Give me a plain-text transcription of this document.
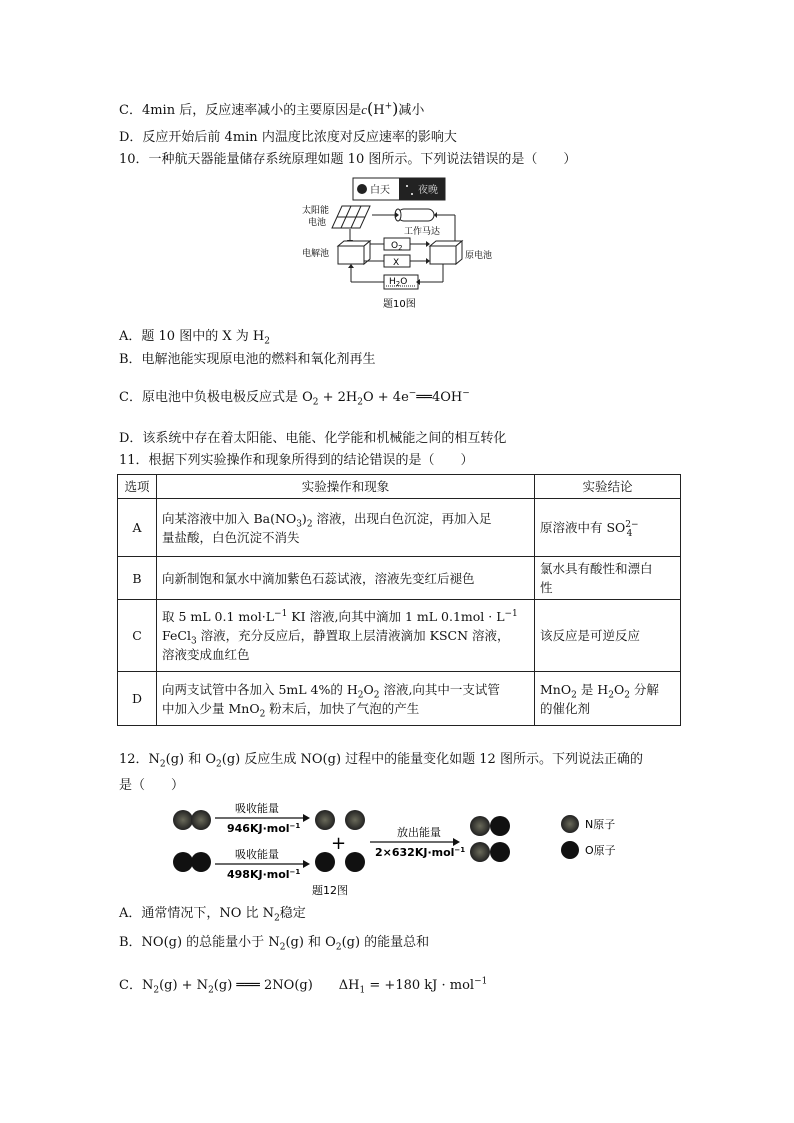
C．4min 后，反应速率减小的主要原因是c(H+)减小
D．反应开始后前 4min 内温度比浓度对反应速率的影响大
10．一种航天器能量储存系统原理如题 10 图所示。下列说法错误的是（　　）
白天	夜晚
太阳能
电池
工作马达
电解池
$O_2$
X
原电池
$H_2O$
题10图
A．题 10 图中的 X 为 $H_2$
B．电解池能实现原电池的燃料和氧化剂再生
C．原电池中负极电极反应式是 $O_2 + 2H_2O$ + 4e−══4OH−
D．该系统中存在着太阳能、电能、化学能和机械能之间的相互转化
11．根据下列实验操作和现象所得到的结论错误的是（　　）
选项	实验操作和现象	实验结论
A	向某溶液中加入 $Ba(NO_3)_2$ 溶液，出现白色沉淀，再加入足
量盐酸，白色沉淀不消失	原溶液中有 $SO^{2-}_4$
B	向新制饱和氯水中滴加紫色石蕊试液，溶液先变红后褪色	氯水具有酸性和漂白
性
C	取 5 mL 0.1 $mol\cdot L^{-1}$ KI 溶液,向其中滴加 1 mL $0.1mol \cdot L^{-1}$
FeCl$_3$ 溶液，充分反应后，静置取上层清液滴加 KSCN 溶液，
溶液变成血红色	该反应是可逆反应
D	向两支试管中各加入 5mL 4%的 $H_2O_2$ 溶液,向其中一支试管
中加入少量 MnO$_2$ 粉末后，加快了气泡的产生	MnO$_2$ 是 $H_2O_2$ 分解
的催化剂
12．$N_2(g)$ 和 $O_2(g)$ 反应生成 NO(g) 过程中的能量变化如题 12 图所示。下列说法正确的
是（　　）
吸收能量
946KJ·mol$^{-1}$
吸收能量
498KJ·mol$^{-1}$
+
放出能量
2×632KJ·mol$^{-1}$
N原子
O原子
题12图
A．通常情况下，NO 比 $N_2$稳定
B．NO(g) 的总能量小于 $N_2(g)$ 和 $O_2(g)$ 的能量总和
C．$N_2(g) + N_2(g)$ ═══ 2NO(g)　　$\Delta H_1 = +180$ kJ · mol$^{-1}$
